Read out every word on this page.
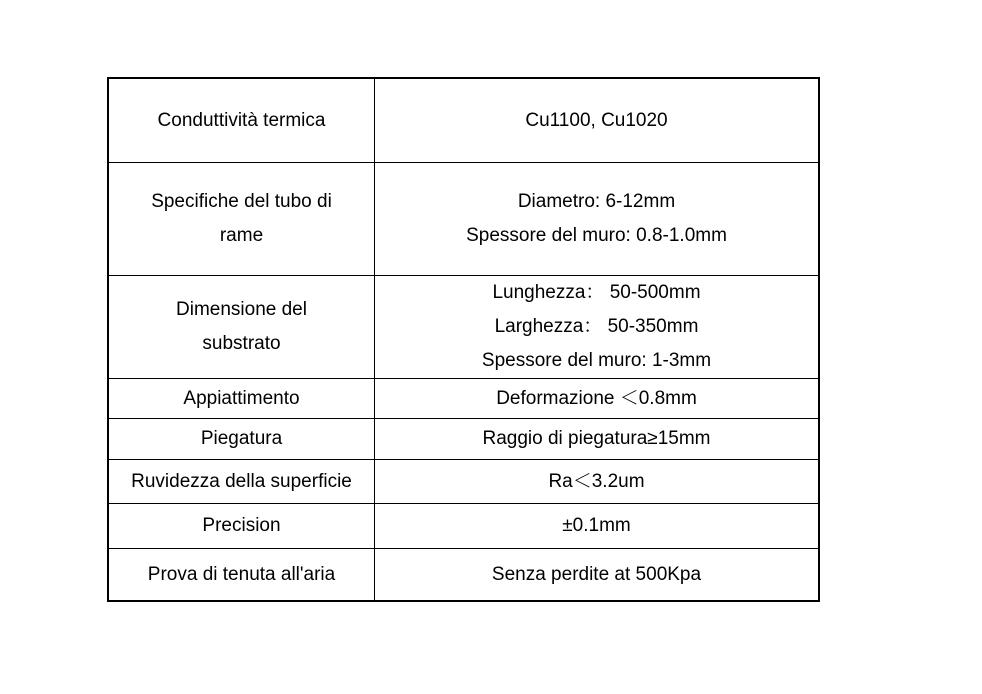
Conduttività termica	Cu1100, Cu1020

Specifiche del tubo di
rame	Diametro: 6-12mm
Spessore del muro: 0.8-1.0mm

Dimensione del
substrato	Lunghezza： 50-500mm
Larghezza： 50-350mm
Spessore del muro: 1-3mm

Appiattimento	Deformazione ＜0.8mm

Piegatura	Raggio di piegatura≥15mm

Ruvidezza della superficie	Ra＜3.2um

Precision	±0.1mm

Prova di tenuta all'aria	Senza perdite at 500Kpa
